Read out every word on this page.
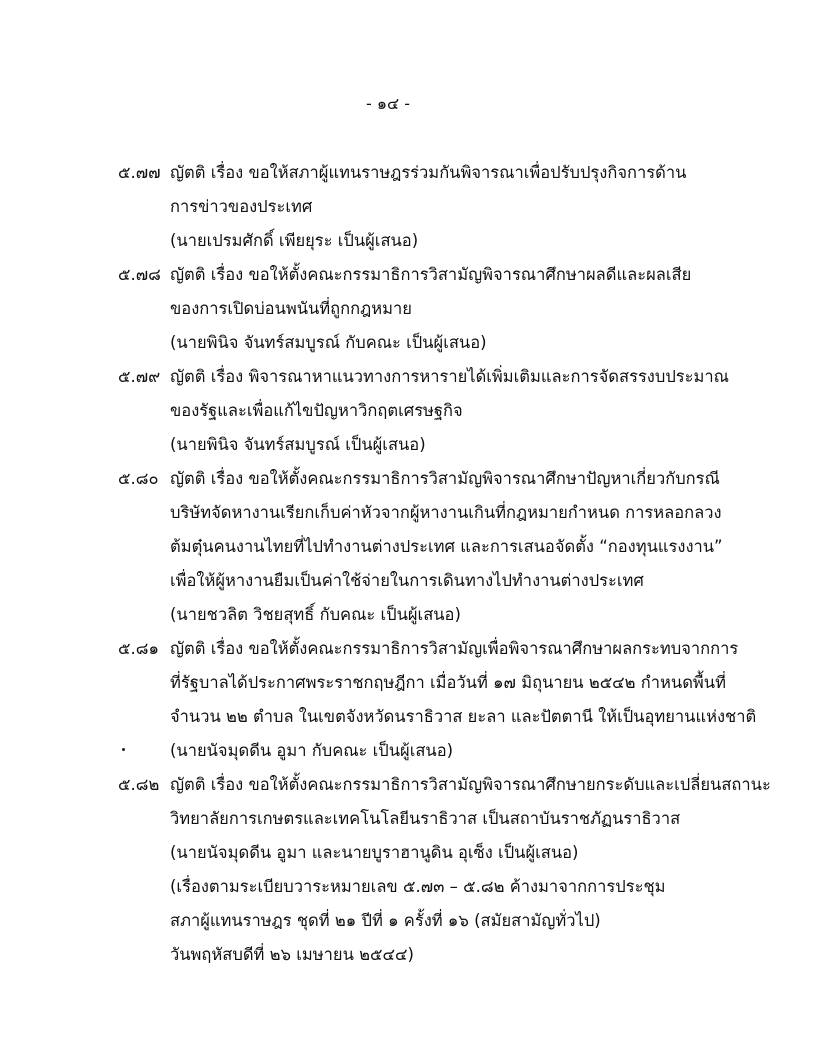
- ๑๔ -
๕.๗๗ ญัตติ เรื่อง ขอให้สภาผู้แทนราษฎรร่วมกันพิจารณาเพื่อปรับปรุงกิจการด้าน
การข่าวของประเทศ
(นายเปรมศักดิ์ เพียยุระ เป็นผู้เสนอ)
๕.๗๘ ญัตติ เรื่อง ขอให้ตั้งคณะกรรมาธิการวิสามัญพิจารณาศึกษาผลดีและผลเสีย
ของการเปิดบ่อนพนันที่ถูกกฎหมาย
(นายพินิจ จันทร์สมบูรณ์ กับคณะ เป็นผู้เสนอ)
๕.๗๙ ญัตติ เรื่อง พิจารณาหาแนวทางการหารายได้เพิ่มเติมและการจัดสรรงบประมาณ
ของรัฐและเพื่อแก้ไขปัญหาวิกฤตเศรษฐกิจ
(นายพินิจ จันทร์สมบูรณ์ เป็นผู้เสนอ)
๕.๘๐ ญัตติ เรื่อง ขอให้ตั้งคณะกรรมาธิการวิสามัญพิจารณาศึกษาปัญหาเกี่ยวกับกรณี
บริษัทจัดหางานเรียกเก็บค่าหัวจากผู้หางานเกินที่กฎหมายกำหนด การหลอกลวง
ต้มตุ๋นคนงานไทยที่ไปทำงานต่างประเทศ และการเสนอจัดตั้ง “กองทุนแรงงาน”
เพื่อให้ผู้หางานยืมเป็นค่าใช้จ่ายในการเดินทางไปทำงานต่างประเทศ
(นายชวลิต วิชยสุทธิ์ กับคณะ เป็นผู้เสนอ)
๕.๘๑ ญัตติ เรื่อง ขอให้ตั้งคณะกรรมาธิการวิสามัญเพื่อพิจารณาศึกษาผลกระทบจากการ
ที่รัฐบาลได้ประกาศพระราชกฤษฎีกา เมื่อวันที่ ๑๗ มิถุนายน ๒๕๔๒ กำหนดพื้นที่
จำนวน ๒๒ ตำบล ในเขตจังหวัดนราธิวาส ยะลา และปัตตานี ให้เป็นอุทยานแห่งชาติ
(นายนัจมุดดีน อูมา กับคณะ เป็นผู้เสนอ)
๕.๘๒ ญัตติ เรื่อง ขอให้ตั้งคณะกรรมาธิการวิสามัญพิจารณาศึกษายกระดับและเปลี่ยนสถานะ
วิทยาลัยการเกษตรและเทคโนโลยีนราธิวาส เป็นสถาบันราชภัฏนราธิวาส
(นายนัจมุดดีน อูมา และนายบูราฮานูดิน อุเซ็ง เป็นผู้เสนอ)
(เรื่องตามระเบียบวาระหมายเลข ๕.๗๓ – ๕.๘๒ ค้างมาจากการประชุม
สภาผู้แทนราษฎร ชุดที่ ๒๑ ปีที่ ๑ ครั้งที่ ๑๖ (สมัยสามัญทั่วไป)
วันพฤหัสบดีที่ ๒๖ เมษายน ๒๕๔๔)
